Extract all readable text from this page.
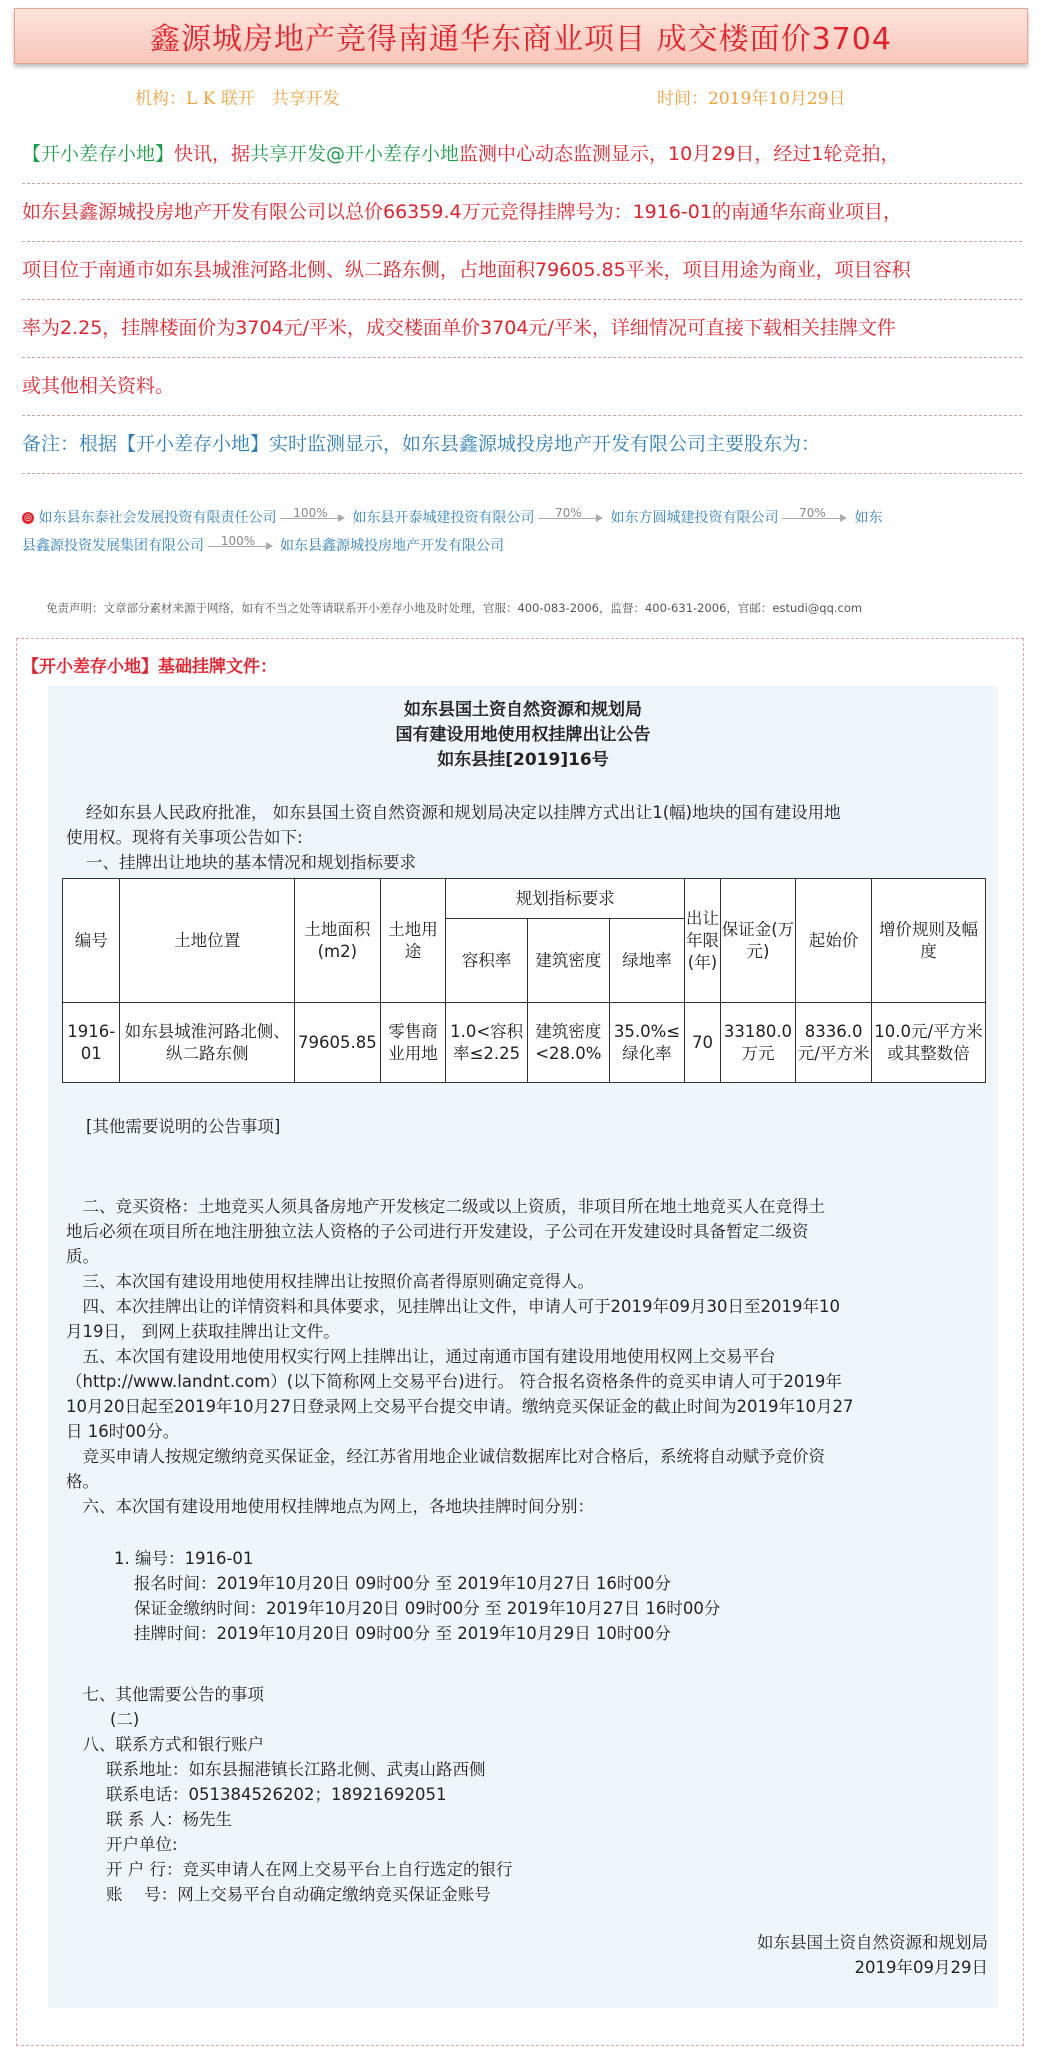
鑫源城房地产竞得南通华东商业项目 成交楼面价3704
机构：L K 联开　共享开发	时间：2019年10月29日
【开小差存小地】快讯，据共享开发@开小差存小地监测中心动态监测显示，10月29日，经过1轮竞拍，
如东县鑫源城投房地产开发有限公司以总价66359.4万元竞得挂牌号为：1916-01的南通华东商业项目，
项目位于南通市如东县城淮河路北侧、纵二路东侧，占地面积79605.85平米，项目用途为商业，项目容积
率为2.25，挂牌楼面价为3704元/平米，成交楼面单价3704元/平米，详细情况可直接下载相关挂牌文件
或其他相关资料。
备注：根据【开小差存小地】实时监测显示，如东县鑫源城投房地产开发有限公司主要股东为：
◎ 如东县东泰社会发展投资有限责任公司	100%	如东县开泰城建投资有限公司	70%	如东方圆城建投资有限公司	70%	如东
县鑫源投资发展集团有限公司	100%	如东县鑫源城投房地产开发有限公司
免责声明：文章部分素材来源于网络，如有不当之处等请联系开小差存小地及时处理，官服：400-083-2006，监督：400-631-2006，官邮：estudi@qq.com
【开小差存小地】基础挂牌文件：
如东县国土资自然资源和规划局
国有建设用地使用权挂牌出让公告
如东县挂[2019]16号
经如东县人民政府批准， 如东县国土资自然资源和规划局决定以挂牌方式出让1(幅)地块的国有建设用地
使用权。现将有关事项公告如下:
一、挂牌出让地块的基本情况和规划指标要求
编号	土地位置	土地面积(m2)	土地用途	规划指标要求			出让年限(年)	保证金(万元)	起始价	增价规则及幅度
				容积率	建筑密度	绿地率				
1916-01	如东县城淮河路北侧、纵二路东侧	79605.85	零售商业用地	1.0<容积率≤2.25	建筑密度<28.0%	35.0%≤绿化率	70	33180.0万元	8336.0元/平方米	10.0元/平方米或其整数倍
[其他需要说明的公告事项]
　二、竞买资格：土地竞买人须具备房地产开发核定二级或以上资质，非项目所在地土地竞买人在竞得土
地后必须在项目所在地注册独立法人资格的子公司进行开发建设，子公司在开发建设时具备暂定二级资
质。
　三、本次国有建设用地使用权挂牌出让按照价高者得原则确定竞得人。
　四、本次挂牌出让的详情资料和具体要求，见挂牌出让文件，申请人可于2019年09月30日至2019年10
月19日， 到网上获取挂牌出让文件。
　五、本次国有建设用地使用权实行网上挂牌出让，通过南通市国有建设用地使用权网上交易平台
（http://www.landnt.com）(以下简称网上交易平台)进行。 符合报名资格条件的竞买申请人可于2019年
10月20日起至2019年10月27日登录网上交易平台提交申请。缴纳竞买保证金的截止时间为2019年10月27
日 16时00分。
　竞买申请人按规定缴纳竞买保证金，经江苏省用地企业诚信数据库比对合格后，系统将自动赋予竞价资
格。
　六、本次国有建设用地使用权挂牌地点为网上，各地块挂牌时间分别：
1. 编号：1916-01
报名时间：2019年10月20日 09时00分 至 2019年10月27日 16时00分
保证金缴纳时间：2019年10月20日 09时00分 至 2019年10月27日 16时00分
挂牌时间：2019年10月20日 09时00分 至 2019年10月29日 10时00分
　七、其他需要公告的事项
(二)
　八、联系方式和银行账户
联系地址：如东县掘港镇长江路北侧、武夷山路西侧
联系电话：051384526202；18921692051
联 系 人：杨先生
开户单位:
开 户 行：竞买申请人在网上交易平台上自行选定的银行
账　 号：网上交易平台自动确定缴纳竞买保证金账号
如东县国土资自然资源和规划局
2019年09月29日
